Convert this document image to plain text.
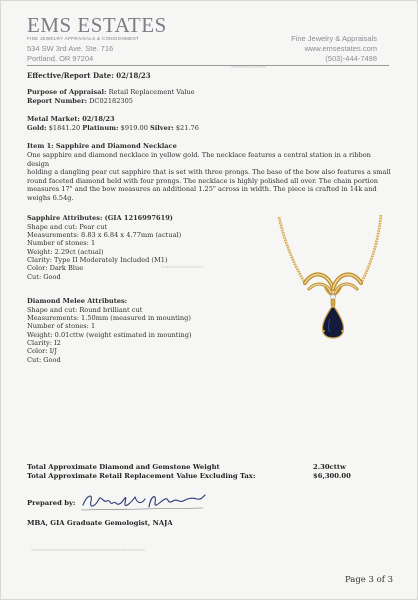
▪▪▪▪▪▪▪▪▪▪▪▪▪▪
▪▪▪▪▪▪▪▪▪▪▪▪▪▪▪▪▪
▪▪▪▪▪▪▪▪▪▪▪▪▪▪▪▪▪▪▪▪▪▪▪▪▪▪▪▪▪▪▪▪▪▪▪▪▪▪▪▪▪▪▪▪▪▪
EMS ESTATES
FINE JEWELRY APPRAISALS & CONSIGNMENT
534 SW 3rd Ave. Ste. 716
Portland, OR 97204
Fine Jewelry & Appraisals
www.emsestates.com
(503)-444-7498
Effective/Report Date: 02/18/23
Purpose of Appraisal: Retail Replacement Value
Report Number: DC02182305
Metal Market: 02/18/23
Gold: $1841.20 Platinum: $919.00 Silver: $21.76
Item 1: Sapphire and Diamond Necklace

One sapphire and diamond necklace in yellow gold. The necklace features a central station in a ribbon design

holding a dangling pear cut sapphire that is set with three prongs. The base of the bow also features a small

round faceted diamond held with four prongs. The necklace is highly polished all over. The chain portion

measures 17" and the bow measures an additional 1.25" across in width. The piece is crafted in 14k and

weighs 6.54g.

Sapphire Attributes: (GIA 1216997619)
Shape and cut: Pear cut
Measurements: 8.83 x 6.84 x 4.77mm (actual)
Number of stones: 1
Weight: 2.29ct (actual)
Clarity: Type II Moderately Included (M1)
Color: Dark Blue
Cut: Good
Diamond Melee Attributes:
Shape and cut: Round brilliant cut
Measurements: 1.50mm (measured in mounting)
Number of stones: 1
Weight: 0.01cttw (weight estimated in mounting)
Clarity: I2
Color: I/J
Cut: Good
Total Approximate Diamond and Gemstone Weight	2.30cttw
Total Approximate Retail Replacement Value Excluding Tax:	$6,300.00
Prepared by:
MBA, GIA Graduate Gemologist, NAJA
Page 3 of 3
